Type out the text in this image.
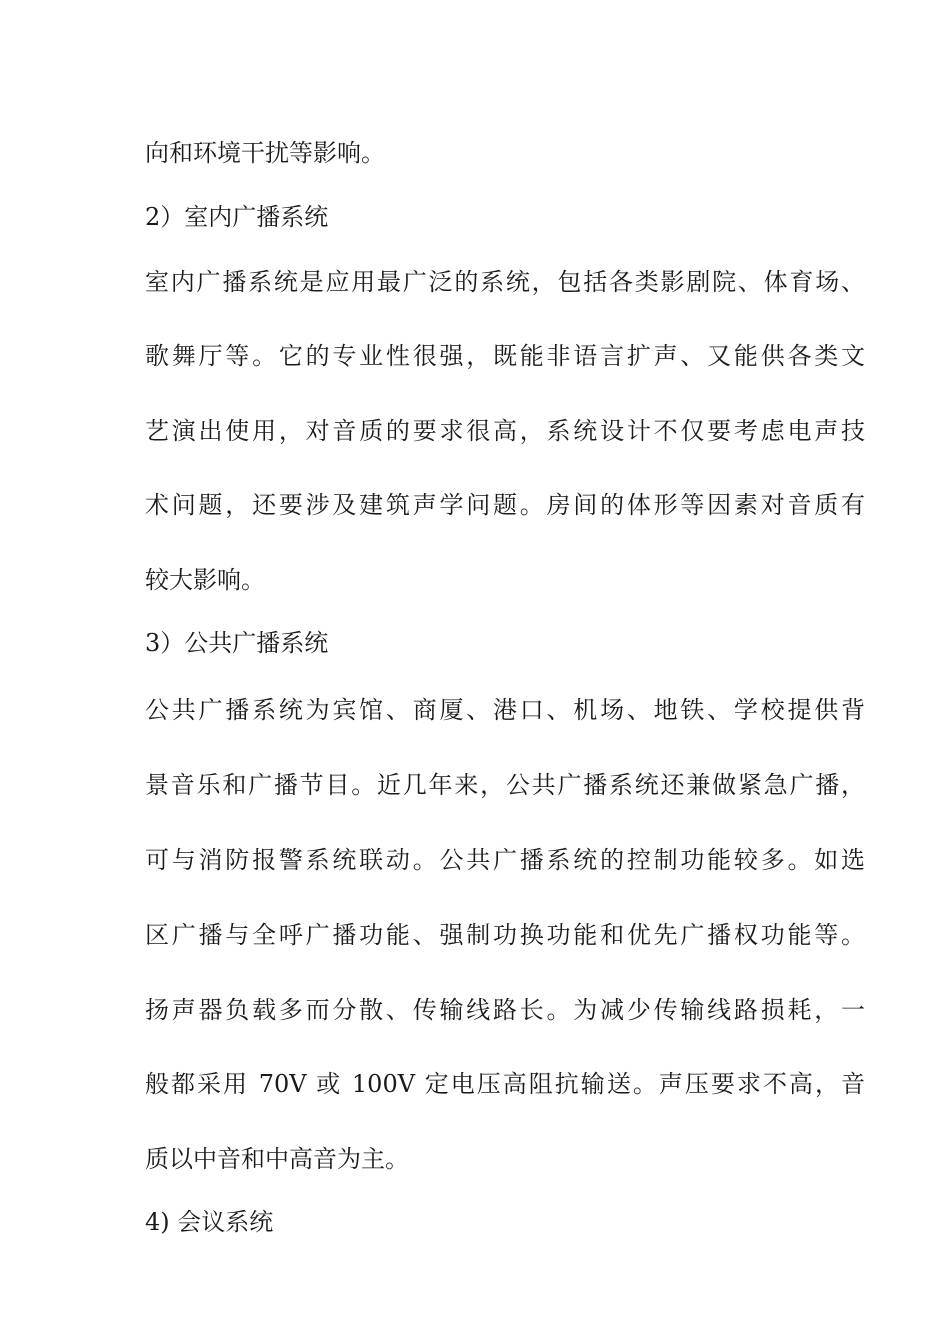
向和环境干扰等影响。
2）室内广播系统
室内广播系统是应用最广泛的系统，包括各类影剧院、体育场、
歌舞厅等。它的专业性很强，既能非语言扩声、又能供各类文
艺演出使用，对音质的要求很高，系统设计不仅要考虑电声技
术问题，还要涉及建筑声学问题。房间的体形等因素对音质有
较大影响。
3）公共广播系统
公共广播系统为宾馆、商厦、港口、机场、地铁、学校提供背
景音乐和广播节目。近几年来，公共广播系统还兼做紧急广播，
可与消防报警系统联动。公共广播系统的控制功能较多。如选
区广播与全呼广播功能、强制功换功能和优先广播权功能等。
扬声器负载多而分散、传输线路长。为减少传输线路损耗，一
般都采用 70V 或 100V 定电压高阻抗输送。声压要求不高，音
质以中音和中高音为主。
4) 会议系统
